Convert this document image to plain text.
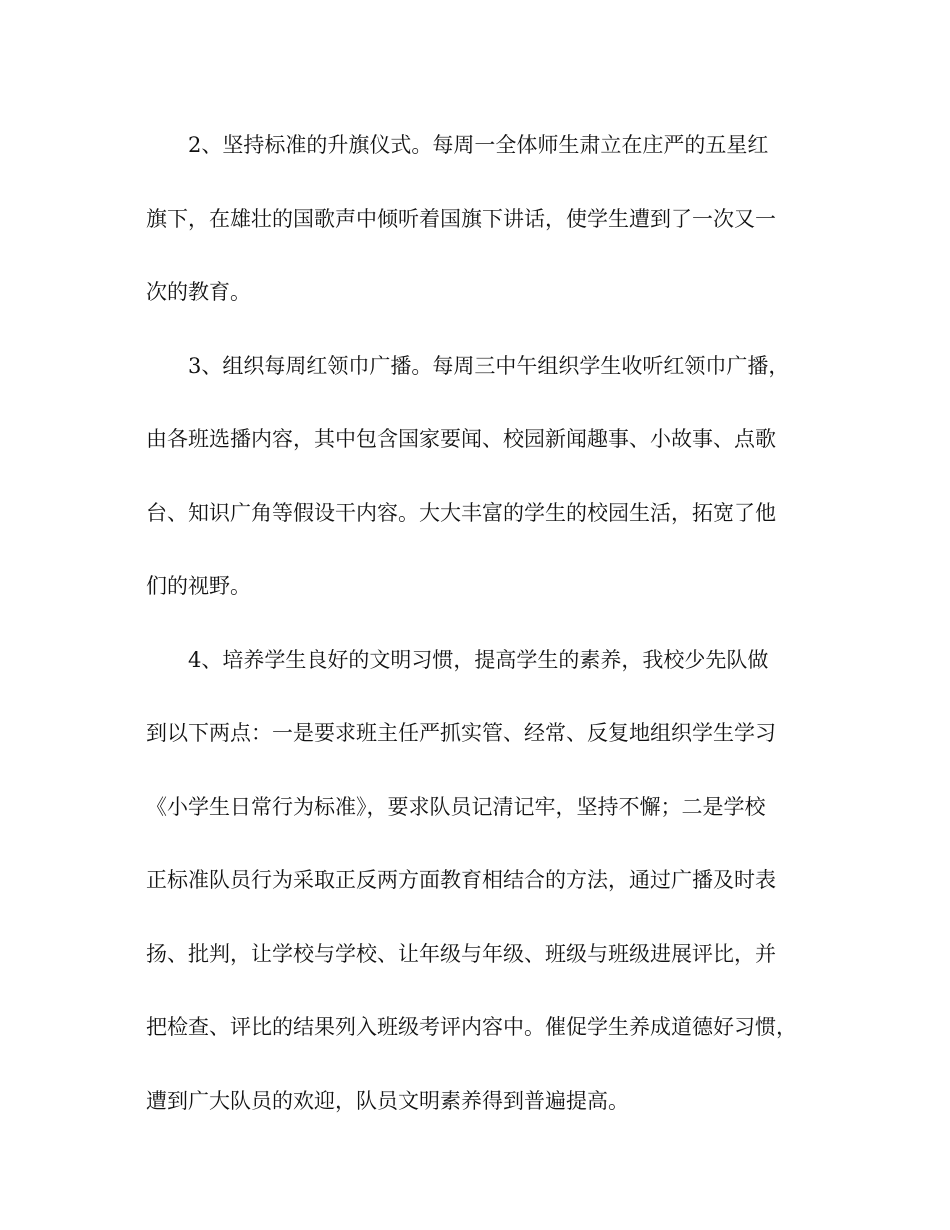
2、坚持标准的升旗仪式。每周一全体师生肃立在庄严的五星红
旗下，在雄壮的国歌声中倾听着国旗下讲话，使学生遭到了一次又一
次的教育。
3、组织每周红领巾广播。每周三中午组织学生收听红领巾广播，
由各班选播内容，其中包含国家要闻、校园新闻趣事、小故事、点歌
台、知识广角等假设干内容。大大丰富的学生的校园生活，拓宽了他
们的视野。
4、培养学生良好的文明习惯，提高学生的素养，我校少先队做
到以下两点：一是要求班主任严抓实管、经常、反复地组织学生学习
《小学生日常行为标准》，要求队员记清记牢，坚持不懈；二是学校
正标准队员行为采取正反两方面教育相结合的方法，通过广播及时表
扬、批判，让学校与学校、让年级与年级、班级与班级进展评比，并
把检查、评比的结果列入班级考评内容中。催促学生养成道德好习惯，
遭到广大队员的欢迎，队员文明素养得到普遍提高。
